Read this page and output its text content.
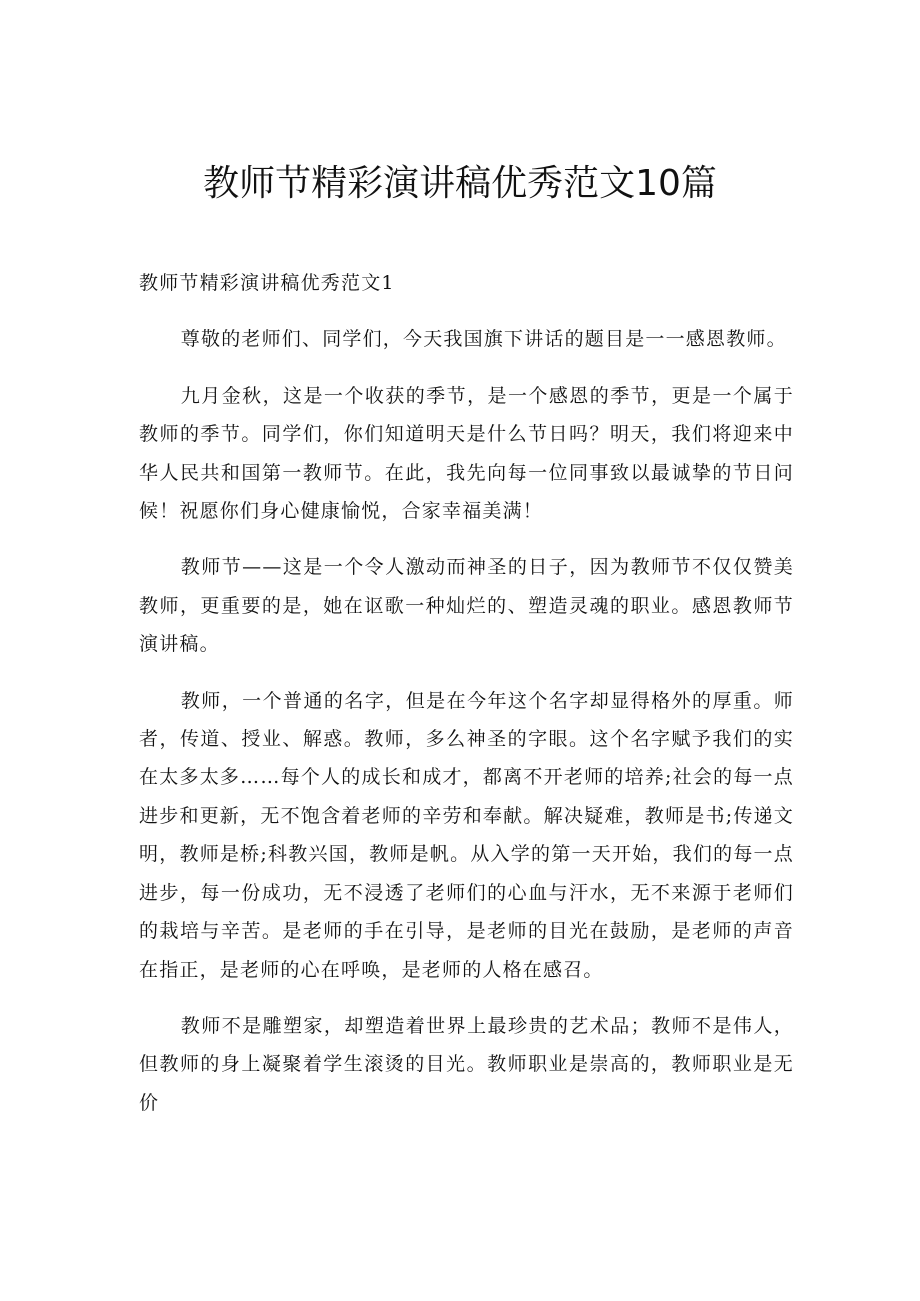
教师节精彩演讲稿优秀范文10篇

教师节精彩演讲稿优秀范文1

尊敬的老师们、同学们，今天我国旗下讲话的题目是一一感恩教师。

九月金秋，这是一个收获的季节，是一个感恩的季节，更是一个属于教师的季节。同学们，你们知道明天是什么节日吗？明天，我们将迎来中华人民共和国第一教师节。在此，我先向每一位同事致以最诚挚的节日问候！祝愿你们身心健康愉悦，合家幸福美满！

教师节——这是一个令人激动而神圣的日子，因为教师节不仅仅赞美教师，更重要的是，她在讴歌一种灿烂的、塑造灵魂的职业。感恩教师节演讲稿。

教师，一个普通的名字，但是在今年这个名字却显得格外的厚重。师者，传道、授业、解惑。教师，多么神圣的字眼。这个名字赋予我们的实在太多太多……每个人的成长和成才，都离不开老师的培养;社会的每一点进步和更新，无不饱含着老师的辛劳和奉献。解决疑难，教师是书;传递文明，教师是桥;科教兴国，教师是帆。从入学的第一天开始，我们的每一点进步，每一份成功，无不浸透了老师们的心血与汗水，无不来源于老师们的栽培与辛苦。是老师的手在引导，是老师的目光在鼓励，是老师的声音在指正，是老师的心在呼唤，是老师的人格在感召。

教师不是雕塑家，却塑造着世界上最珍贵的艺术品；教师不是伟人，但教师的身上凝聚着学生滚烫的目光。教师职业是崇高的，教师职业是无价
